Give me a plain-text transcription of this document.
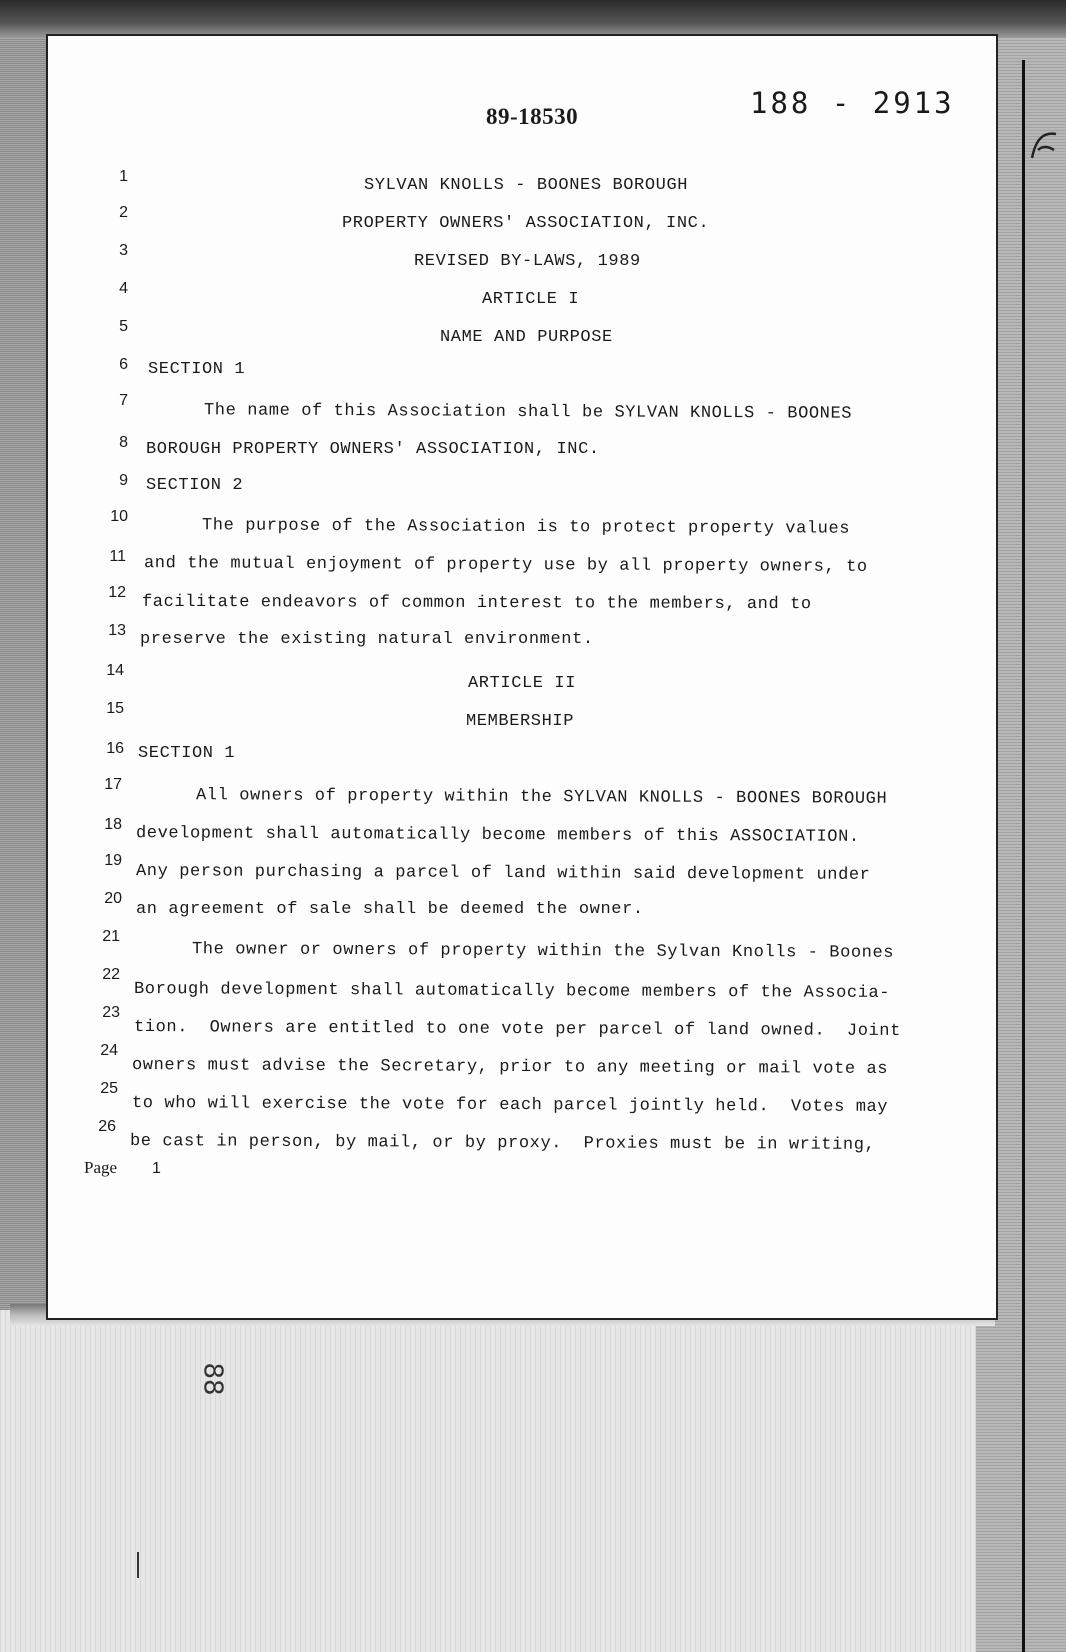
89-18530	188 - 2913
1
2
3
4
5
6
7
8
9
10
11
12
13
14
15
16
17
18
19
20
21
22
23
24
25
26
SYLVAN KNOLLS - BOONES BOROUGH
PROPERTY OWNERS' ASSOCIATION, INC.
REVISED BY-LAWS, 1989
ARTICLE I
NAME AND PURPOSE
SECTION 1
The name of this Association shall be SYLVAN KNOLLS - BOONES
BOROUGH PROPERTY OWNERS' ASSOCIATION, INC.
SECTION 2
The purpose of the Association is to protect property values
and the mutual enjoyment of property use by all property owners, to
facilitate endeavors of common interest to the members, and to
preserve the existing natural environment.
ARTICLE II
MEMBERSHIP
SECTION 1
All owners of property within the SYLVAN KNOLLS - BOONES BOROUGH
development shall automatically become members of this ASSOCIATION.
Any person purchasing a parcel of land within said development under
an agreement of sale shall be deemed the owner.
The owner or owners of property within the Sylvan Knolls - Boones
Borough development shall automatically become members of the Associa-
tion.  Owners are entitled to one vote per parcel of land owned.  Joint
owners must advise the Secretary, prior to any meeting or mail vote as
to who will exercise the vote for each parcel jointly held.  Votes may
be cast in person, by mail, or by proxy.  Proxies must be in writing,
Page 1
88
